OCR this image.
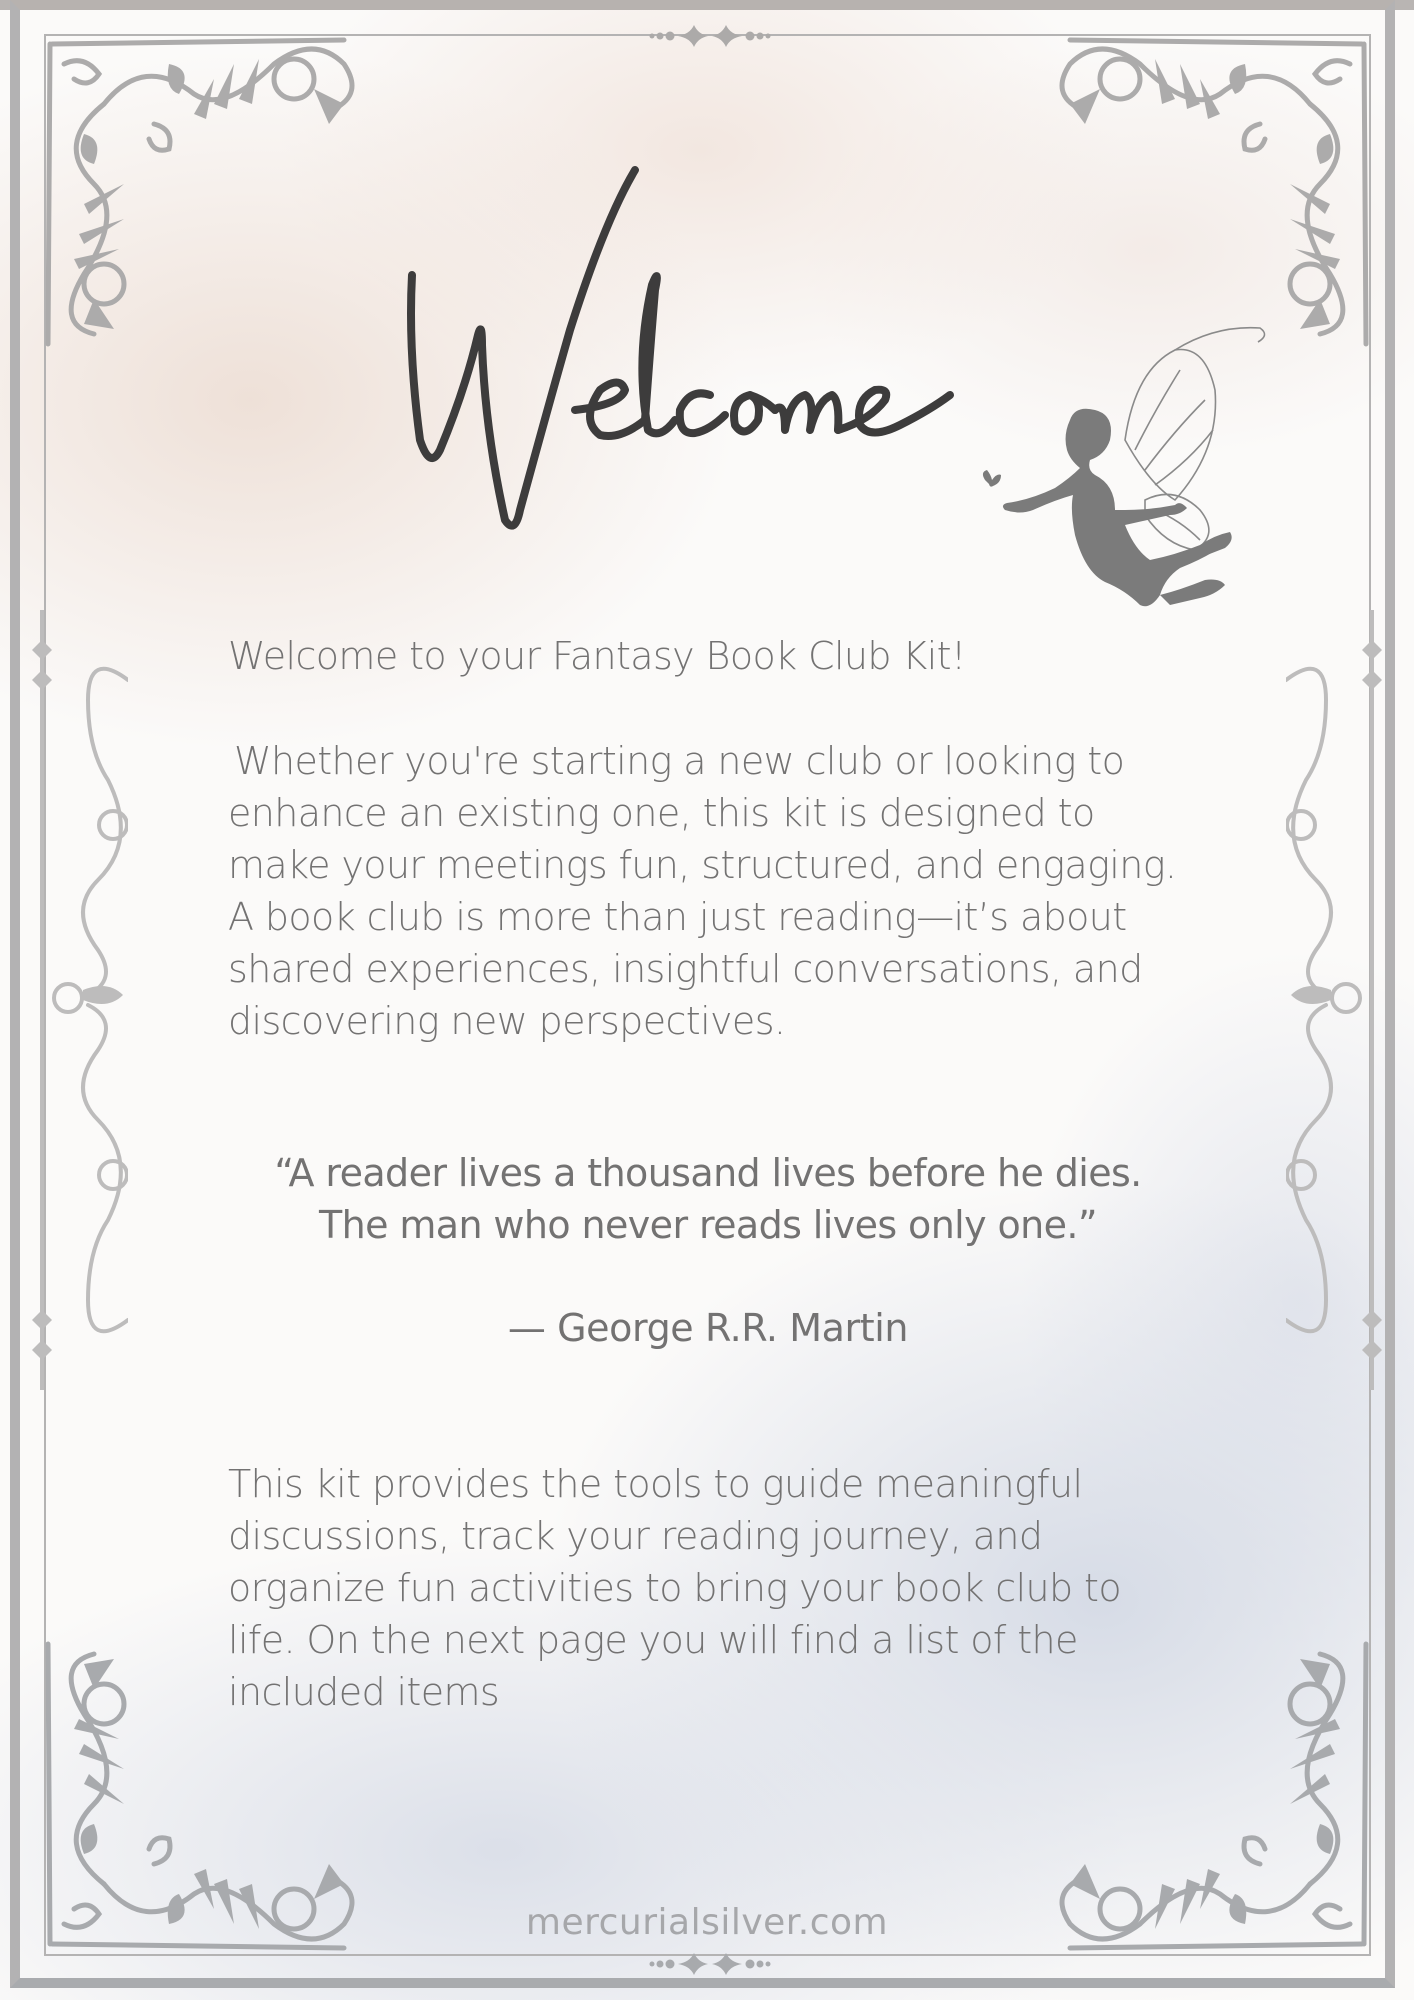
Welcome to your Fantasy Book Club Kit!
Whether you're starting a new club or looking to enhance an existing one, this kit is designed to make your meetings fun, structured, and engaging. A book club is more than just reading—it’s about shared experiences, insightful conversations, and discovering new perspectives.
“A reader lives a thousand lives before he dies.
The man who never reads lives only one.”
— George R.R. Martin
This kit provides the tools to guide meaningful discussions, track your reading journey, and organize fun activities to bring your book club to life. On the next page you will find a list of the included items
mercurialsilver.com
